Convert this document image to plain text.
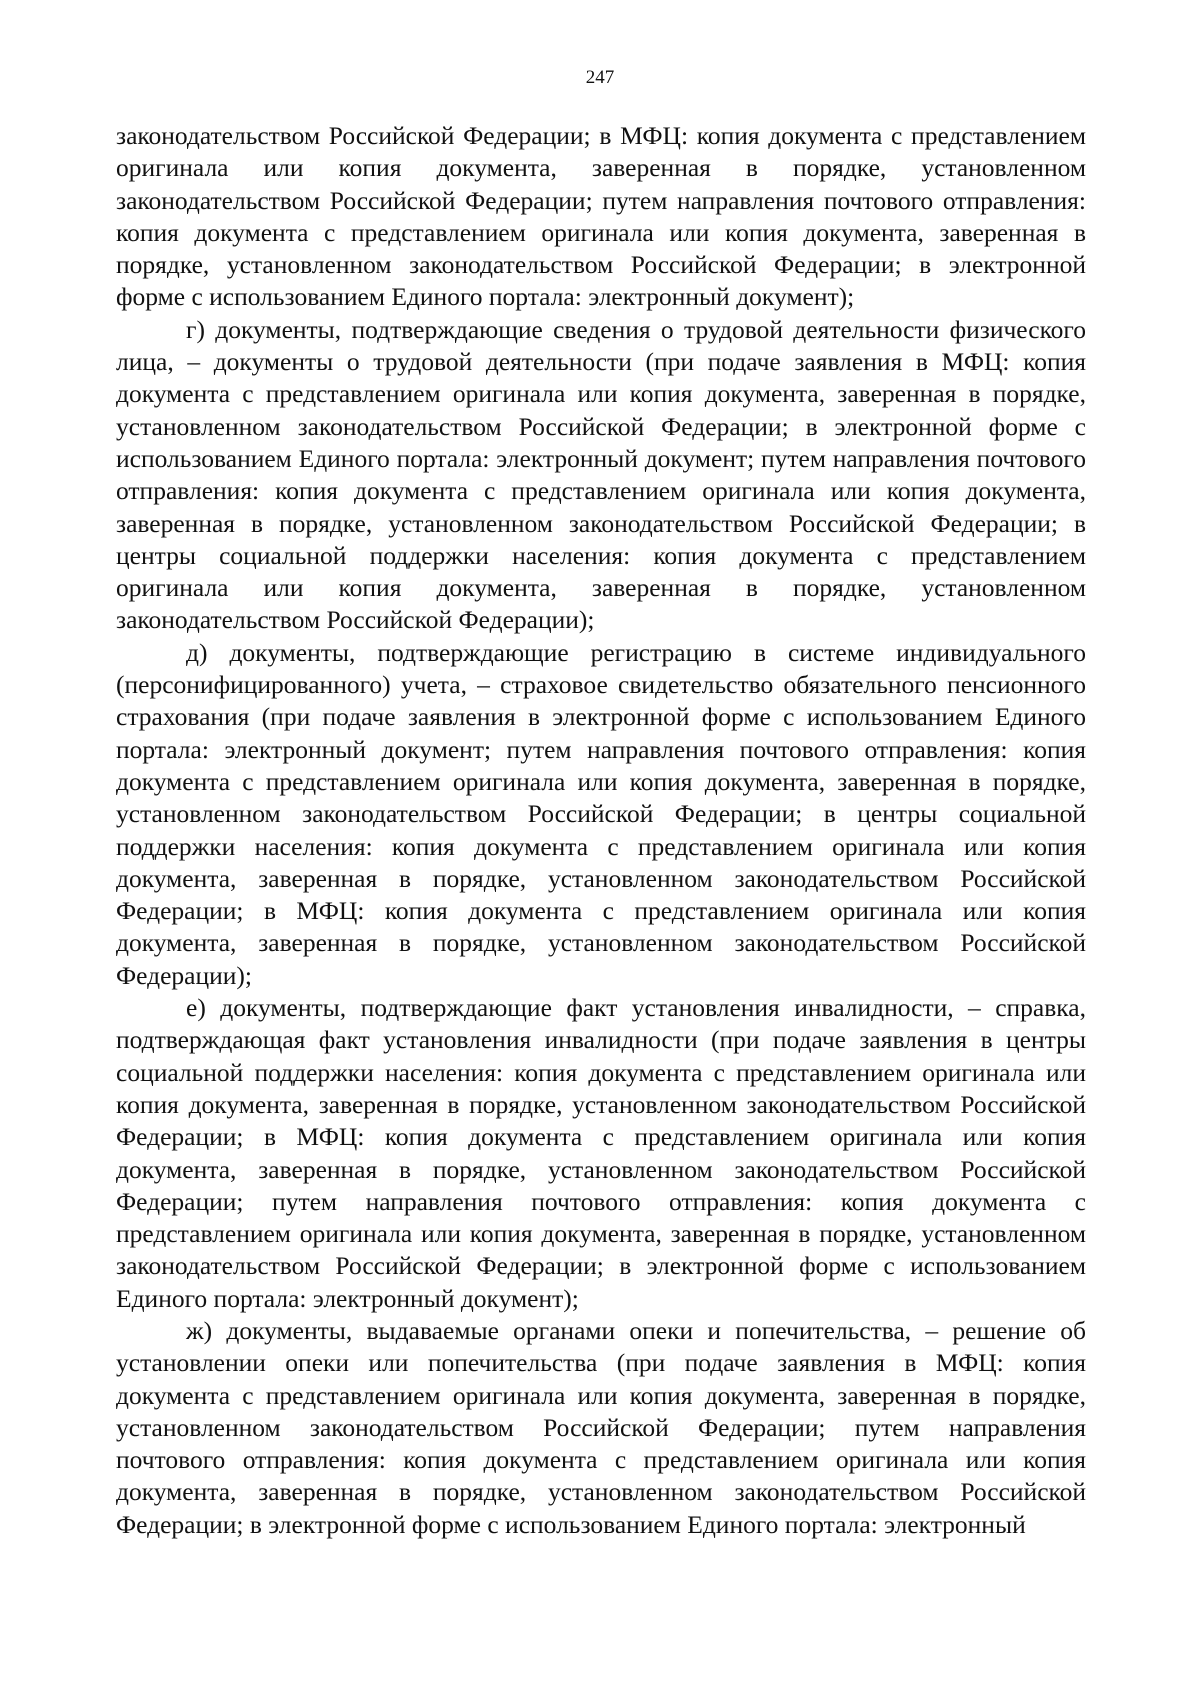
247

законодательством Российской Федерации; в МФЦ: копия документа с представлением оригинала или копия документа, заверенная в порядке, установленном законодательством Российской Федерации; путем направления почтового отправления: копия документа с представлением оригинала или копия документа, заверенная в порядке, установленном законодательством Российской Федерации; в электронной форме с использованием Единого портала: электронный документ);

г) документы, подтверждающие сведения о трудовой деятельности физического лица, – документы о трудовой деятельности (при подаче заявления в МФЦ: копия документа с представлением оригинала или копия документа, заверенная в порядке, установленном законодательством Российской Федерации; в электронной форме с использованием Единого портала: электронный документ; путем направления почтового отправления: копия документа с представлением оригинала или копия документа, заверенная в порядке, установленном законодательством Российской Федерации; в центры социальной поддержки населения: копия документа с представлением оригинала или копия документа, заверенная в порядке, установленном законодательством Российской Федерации);

д) документы, подтверждающие регистрацию в системе индивидуального (персонифицированного) учета, – страховое свидетельство обязательного пенсионного страхования (при подаче заявления в электронной форме с использованием Единого портала: электронный документ; путем направления почтового отправления: копия документа с представлением оригинала или копия документа, заверенная в порядке, установленном законодательством Российской Федерации; в центры социальной поддержки населения: копия документа с представлением оригинала или копия документа, заверенная в порядке, установленном законодательством Российской Федерации; в МФЦ: копия документа с представлением оригинала или копия документа, заверенная в порядке, установленном законодательством Российской Федерации);

е) документы, подтверждающие факт установления инвалидности, – справка, подтверждающая факт установления инвалидности (при подаче заявления в центры социальной поддержки населения: копия документа с представлением оригинала или копия документа, заверенная в порядке, установленном законодательством Российской Федерации; в МФЦ: копия документа с представлением оригинала или копия документа, заверенная в порядке, установленном законодательством Российской Федерации; путем направления почтового отправления: копия документа с представлением оригинала или копия документа, заверенная в порядке, установленном законодательством Российской Федерации; в электронной форме с использованием Единого портала: электронный документ);

ж) документы, выдаваемые органами опеки и попечительства, – решение об установлении опеки или попечительства (при подаче заявления в МФЦ: копия документа с представлением оригинала или копия документа, заверенная в порядке, установленном законодательством Российской Федерации; путем направления почтового отправления: копия документа с представлением оригинала или копия документа, заверенная в порядке, установленном законодательством Российской Федерации; в электронной форме с использованием Единого портала: электронный
